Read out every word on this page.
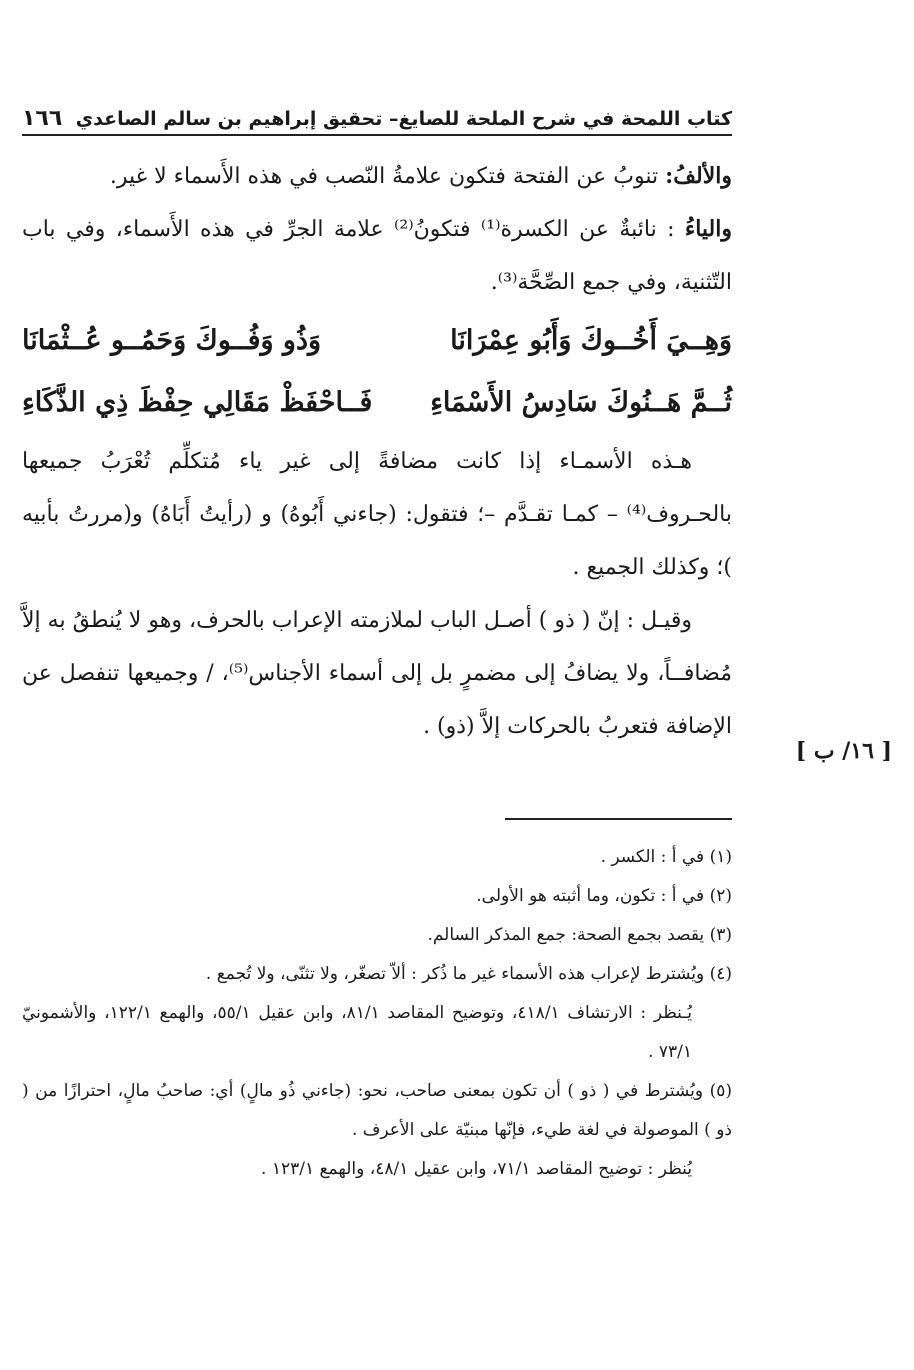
كتاب اللمحة في شرح الملحة للصايغ– تحقيق إبراهيم بن سالم الصاعدي
١٦٦

والألفُ: تنوبُ عن الفتحة فتكون علامةُ النّصب في هذه الأَسماء لا غير.

والياءُ : نائبةٌ عن الكسرة⁽¹⁾ فتكونُ⁽²⁾ علامة الجرِّ في هذه الأَسماء، وفي باب التّثنية، وفي جمع الصِّحَّة⁽³⁾.

وَهِــيَ أَخُــوكَ وَأَبُو عِمْرَانَا
وَذُو وَفُــوكَ وَحَمُــو عُــثْمَانَا
ثُــمَّ هَــنُوكَ سَادِسُ الأَسْمَاءِ
فَــاحْفَظْ مَقَالِي حِفْظَ ذِي الذَّكَاءِ

هـذه الأسمـاء إذا كانت مضافةً إلى غير ياء مُتكلِّم تُعْرَبُ جميعها بالحـروف⁽⁴⁾ – كمـا تقـدَّم –؛ فتقول: (جاءني أَبُوهُ) و (رأيتُ أَبَاهُ) و(مررتُ بأبيه )؛ وكذلك الجميع .

وقيـل : إنّ ( ذو ) أصـل الباب لملازمته الإعراب بالحرف، وهو لا يُنطقُ به إلاَّ مُضافــاً، ولا يضافُ إلى مضمرٍ بل إلى أسماء الأجناس⁽⁵⁾، / وجميعها تنفصل عن الإضافة فتعربُ بالحركات إلاَّ (ذو) .

[ ١٦/ ب ]

(١) في أ : الكسر .

(٢) في أ : تكون، وما أثبته هو الأولى.

(٣) يقصد بجمع الصحة: جمع المذكر السالم.

(٤) ويُشترط لإعراب هذه الأسماء غير ما ذُكر : ألاّ تصغّر، ولا تثنّى، ولا تُجمع .

يُـنظر : الارتشاف ٤١٨/١، وتوضيح المقاصد ٨١/١، وابن عقيل ٥٥/١، والهمع ١٢٢/١، والأشمونيّ ٧٣/١ .

(٥) ويُشترط في ( ذو ) أن تكون بمعنى صاحب، نحو: (جاءني ذُو مالٍ) أي: صاحبُ مالٍ، احترازًا من ( ذو ) الموصولة في لغة طيء، فإنّها مبنيّة على الأعرف .

يُنظر : توضيح المقاصد ٧١/١، وابن عقيل ٤٨/١، والهمع ١٢٣/١ .
